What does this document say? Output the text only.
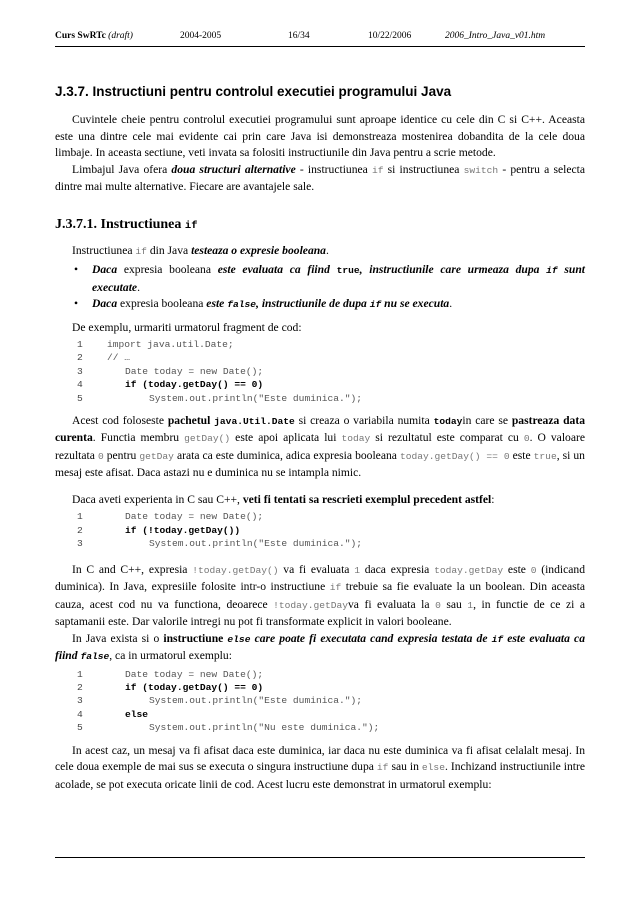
Curs SwRTc (draft)	2004-2005	16/34	10/22/2006	2006_Intro_Java_v01.htm
J.3.7. Instructiuni pentru controlul executiei programului Java

Cuvintele cheie pentru controlul executiei programului sunt aproape identice cu cele din C si C++. Aceasta este una dintre cele mai evidente cai prin care Java isi demonstreaza mostenirea dobandita de la cele doua limbaje. In aceasta sectiune, veti invata sa folositi instructiunile din Java pentru a scrie metode.

Limbajul Java ofera doua structuri alternative - instructiunea if si instructiunea switch - pentru a selecta dintre mai multe alternative. Fiecare are avantajele sale.

J.3.7.1. Instructiunea if

Instructiunea if din Java testeaza o expresie booleana.

• Daca expresia booleana este evaluata ca fiind true, instructiunile care urmeaza dupa if sunt executate.
• Daca expresia booleana este false, instructiunile de dupa if nu se executa.

De exemplu, urmariti urmatorul fragment de cod:

1	import java.util.Date;
2	// …
3	Date today = new Date();
4	if (today.getDay() == 0)
5	System.out.println("Este duminica.");

Acest cod foloseste pachetul java.Util.Date si creaza o variabila numita todayin care se pastreaza data curenta. Functia membru getDay() este apoi aplicata lui today si rezultatul este comparat cu 0. O valoare rezultata 0 pentru getDay arata ca este duminica, adica expresia booleana today.getDay() == 0 este true, si un mesaj este afisat. Daca astazi nu e duminica nu se intampla nimic.

Daca aveti experienta in C sau C++, veti fi tentati sa rescrieti exemplul precedent astfel:

1	Date today = new Date();
2	if (!today.getDay())
3	System.out.println("Este duminica.");

In C and C++, expresia !today.getDay() va fi evaluata 1 daca expresia today.getDay este 0 (indicand duminica). In Java, expresiile folosite intr-o instructiune if trebuie sa fie evaluate la un boolean. Din aceasta cauza, acest cod nu va functiona, deoarece !today.getDayva fi evaluata la 0 sau 1, in functie de ce zi a saptamanii este. Dar valorile intregi nu pot fi transformate explicit in valori booleane.

In Java exista si o instructiune else care poate fi executata cand expresia testata de if este evaluata ca fiind false, ca in urmatorul exemplu:

1	Date today = new Date();
2	if (today.getDay() == 0)
3	System.out.println("Este duminica.");
4	else
5	System.out.println("Nu este duminica.");

In acest caz, un mesaj va fi afisat daca este duminica, iar daca nu este duminica va fi afisat celalalt mesaj. In cele doua exemple de mai sus se executa o singura instructiune dupa if sau in else. Inchizand instructiunile intre acolade, se pot executa oricate linii de cod. Acest lucru este demonstrat in urmatorul exemplu:
